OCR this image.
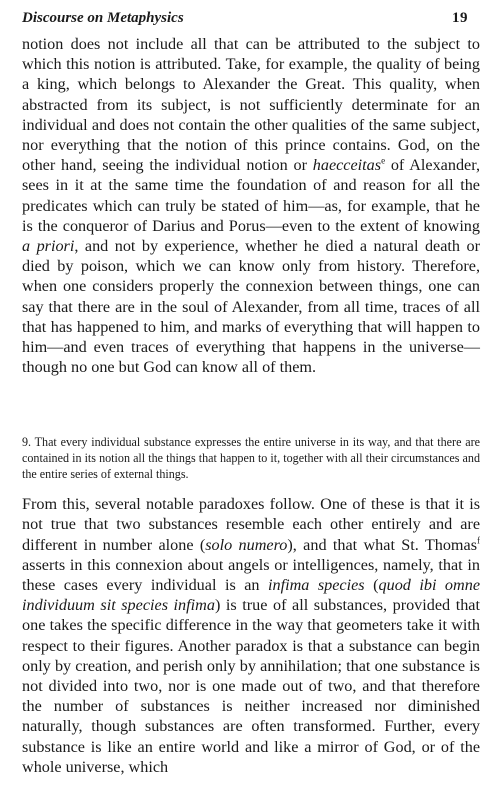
Discourse on Metaphysics	19

notion does not include all that can be attributed to the subject to which this notion is attributed. Take, for example, the quality of being a king, which belongs to Alexander the Great. This quality, when abstracted from its subject, is not sufficiently determinate for an individual and does not contain the other qualities of the same subject, nor everything that the notion of this prince contains. God, on the other hand, seeing the individual notion or haecceitas$^e$ of Alexander, sees in it at the same time the foundation of and reason for all the predicates which can truly be stated of him—as, for example, that he is the conqueror of Darius and Porus—even to the extent of knowing a priori, and not by experience, whether he died a natural death or died by poison, which we can know only from history. Therefore, when one considers properly the connexion between things, one can say that there are in the soul of Alexander, from all time, traces of all that has happened to him, and marks of everything that will happen to him—and even traces of everything that happens in the universe—though no one but God can know all of them.

9. That every individual substance expresses the entire universe in its way, and that there are contained in its notion all the things that happen to it, together with all their circumstances and the entire series of external things.

From this, several notable paradoxes follow. One of these is that it is not true that two substances resemble each other entirely and are different in number alone (solo numero), and that what St. Thomas$^f$ asserts in this connexion about angels or intelligences, namely, that in these cases every individual is an infima species (quod ibi omne individuum sit species infima) is true of all substances, provided that one takes the specific difference in the way that geometers take it with respect to their figures. Another paradox is that a substance can begin only by creation, and perish only by annihilation; that one substance is not divided into two, nor is one made out of two, and that therefore the number of substances is neither increased nor diminished naturally, though substances are often transformed. Further, every substance is like an entire world and like a mirror of God, or of the whole universe, which
